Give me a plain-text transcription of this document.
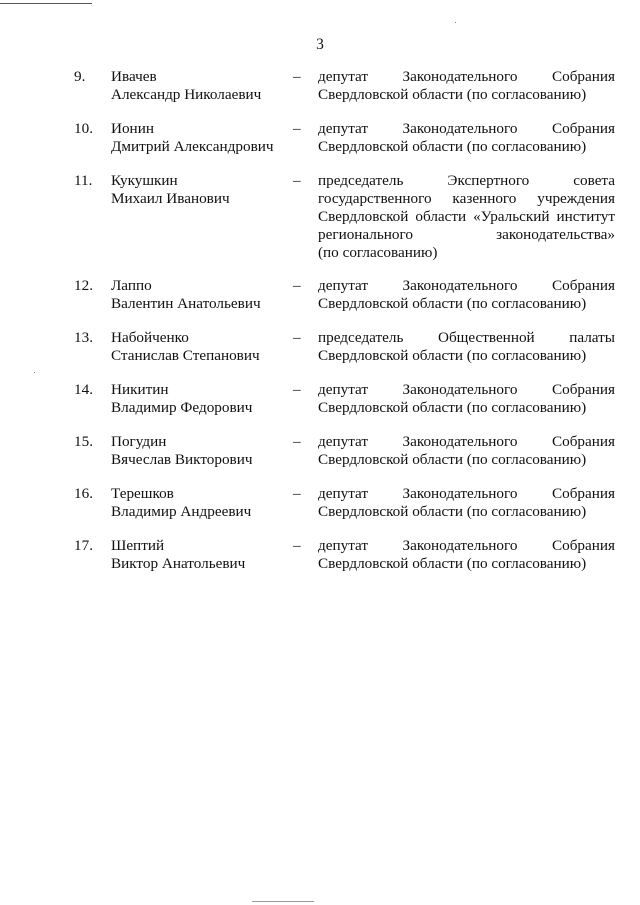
3
9.	Ивачев
Александр Николаевич
–	депутат Законодательного Собрания
Свердловской области (по согласованию)
10.	Ионин
Дмитрий Александрович
–	депутат Законодательного Собрания
Свердловской области (по согласованию)
11.	Кукушкин
Михаил Иванович
–	председатель Экспертного совета
государственного казенного учреждения
Свердловской области «Уральский институт
регионального законодательства»
(по согласованию)
12.	Лаппо
Валентин Анатольевич
–	депутат Законодательного Собрания
Свердловской области (по согласованию)
13.	Набойченко
Станислав Степанович
–	председатель Общественной палаты
Свердловской области (по согласованию)
14.	Никитин
Владимир Федорович
–	депутат Законодательного Собрания
Свердловской области (по согласованию)
15.	Погудин
Вячеслав Викторович
–	депутат Законодательного Собрания
Свердловской области (по согласованию)
16.	Терешков
Владимир Андреевич
–	депутат Законодательного Собрания
Свердловской области (по согласованию)
17.	Шептий
Виктор Анатольевич
–	депутат Законодательного Собрания
Свердловской области (по согласованию)
